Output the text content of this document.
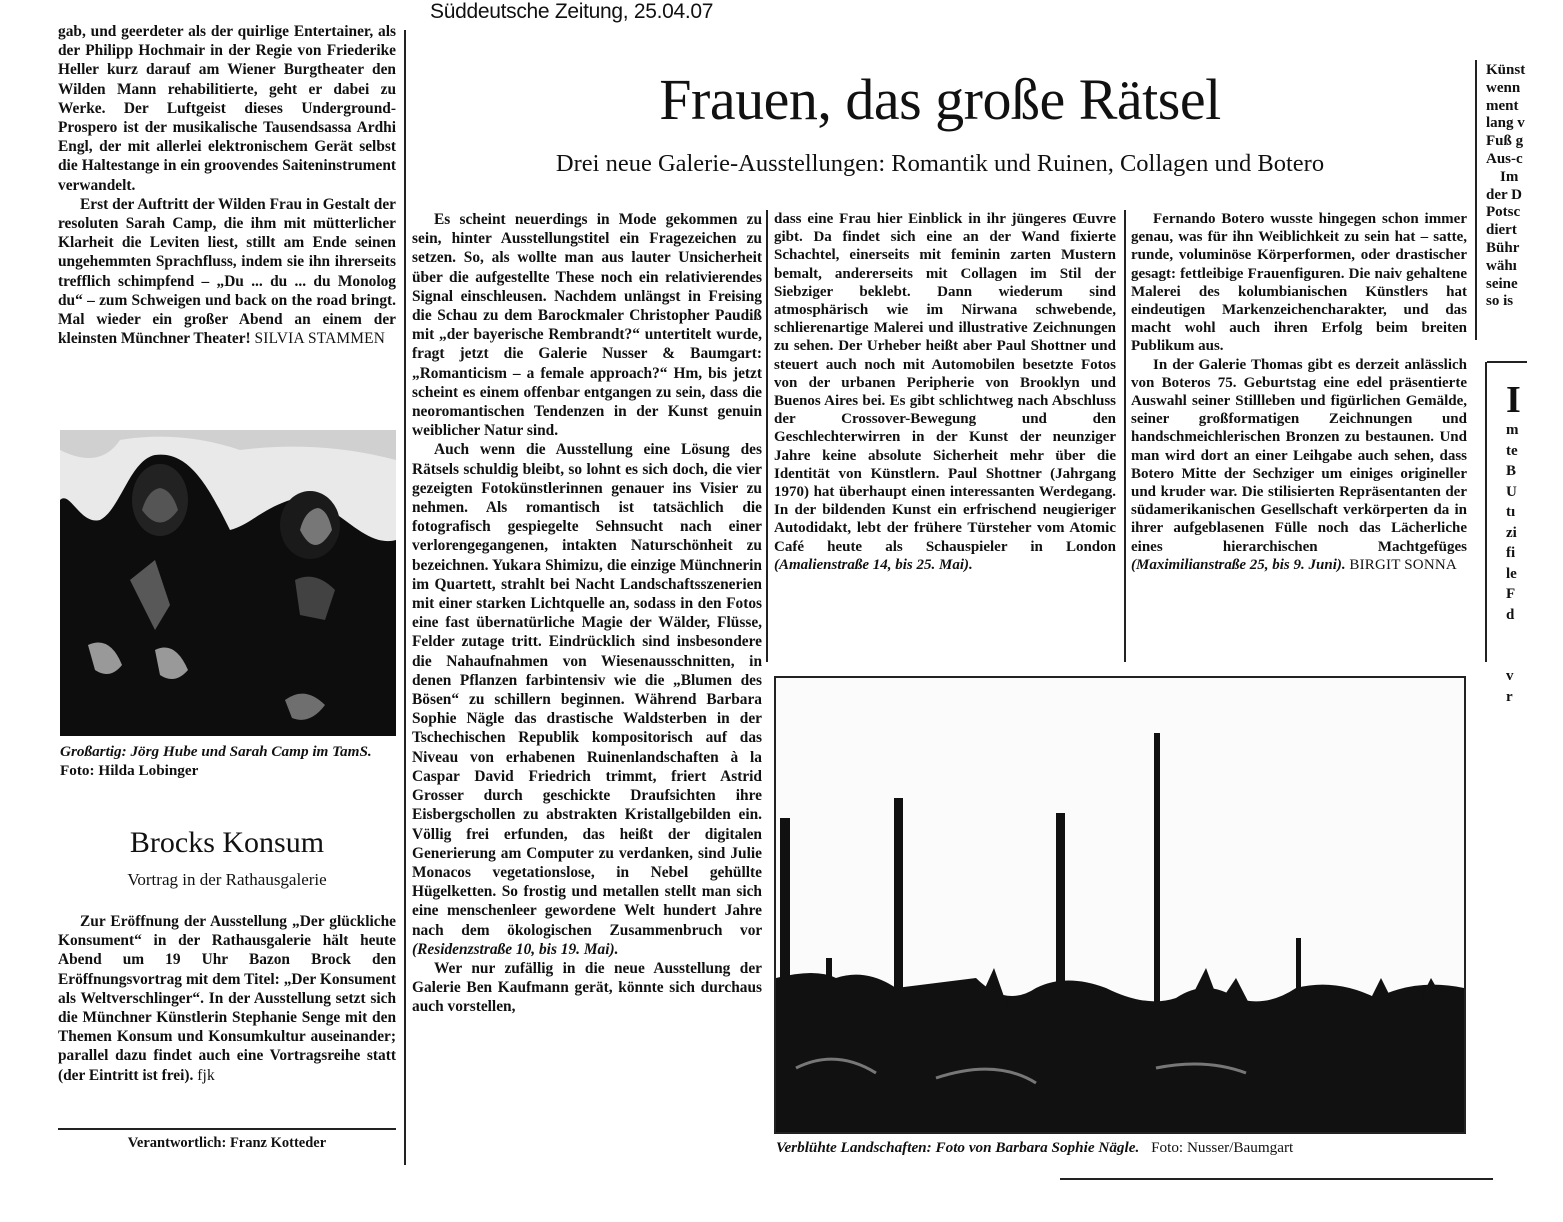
Süddeutsche Zeitung, 25.04.07

gab, und geerdeter als der quirlige Entertainer, als der Philipp Hochmair in der Regie von Friederike Heller kurz darauf am Wiener Burgtheater den Wilden Mann rehabilitierte, geht er dabei zu Werke. Der Luftgeist dieses Underground-Prospero ist der musikalische Tausendsassa Ardhi Engl, der mit allerlei elektronischem Gerät selbst die Haltestange in ein groovendes Saiteninstrument verwandelt.

Erst der Auftritt der Wilden Frau in Gestalt der resoluten Sarah Camp, die ihm mit mütterlicher Klarheit die Leviten liest, stillt am Ende seinen ungehemmten Sprachfluss, indem sie ihn ihrerseits trefflich schimpfend – „Du ... du ... du Monolog du“ – zum Schweigen und back on the road bringt. Mal wieder ein großer Abend an einem der kleinsten Münchner Theater! SILVIA STAMMEN

Großartig: Jörg Hube und Sarah Camp im TamS. Foto: Hilda Lobinger
Brocks Konsum
Vortrag in der Rathausgalerie

Zur Eröffnung der Ausstellung „Der glückliche Konsument“ in der Rathausgalerie hält heute Abend um 19 Uhr Bazon Brock den Eröffnungsvortrag mit dem Titel: „Der Konsument als Weltverschlinger“. In der Ausstellung setzt sich die Münchner Künstlerin Stephanie Senge mit den Themen Konsum und Konsumkultur auseinander; parallel dazu findet auch eine Vortragsreihe statt (der Eintritt ist frei). fjk

Verantwortlich: Franz Kotteder
Frauen, das große Rätsel
Drei neue Galerie-Ausstellungen: Romantik und Ruinen, Collagen und Botero

Es scheint neuerdings in Mode gekommen zu sein, hinter Ausstellungstitel ein Fragezeichen zu setzen. So, als wollte man aus lauter Unsicherheit über die aufgestellte These noch ein relativierendes Signal einschleusen. Nachdem unlängst in Freising die Schau zu dem Barockmaler Christopher Paudiß mit „der bayerische Rembrandt?“ untertitelt wurde, fragt jetzt die Galerie Nusser & Baumgart: „Romanticism – a female approach?“ Hm, bis jetzt scheint es einem offenbar entgangen zu sein, dass die neoromantischen Tendenzen in der Kunst genuin weiblicher Natur sind.

Auch wenn die Ausstellung eine Lösung des Rätsels schuldig bleibt, so lohnt es sich doch, die vier gezeigten Fotokünstlerinnen genauer ins Visier zu nehmen. Als romantisch ist tatsächlich die fotografisch gespiegelte Sehnsucht nach einer verlorengegangenen, intakten Naturschönheit zu bezeichnen. Yukara Shimizu, die einzige Münchnerin im Quartett, strahlt bei Nacht Landschaftsszenerien mit einer starken Lichtquelle an, sodass in den Fotos eine fast übernatürliche Magie der Wälder, Flüsse, Felder zutage tritt. Eindrücklich sind insbesondere die Nahaufnahmen von Wiesenausschnitten, in denen Pflanzen farbintensiv wie die „Blumen des Bösen“ zu schillern beginnen. Während Barbara Sophie Nägle das drastische Waldsterben in der Tschechischen Republik kompositorisch auf das Niveau von erhabenen Ruinenlandschaften à la Caspar David Friedrich trimmt, friert Astrid Grosser durch geschickte Draufsichten ihre Eisbergschollen zu abstrakten Kristallgebilden ein. Völlig frei erfunden, das heißt der digitalen Generierung am Computer zu verdanken, sind Julie Monacos vegetationslose, in Nebel gehüllte Hügelketten. So frostig und metallen stellt man sich eine menschenleer gewordene Welt hundert Jahre nach dem ökologischen Zusammenbruch vor (Residenzstraße 10, bis 19. Mai).

Wer nur zufällig in die neue Ausstellung der Galerie Ben Kaufmann gerät, könnte sich durchaus auch vorstellen,

dass eine Frau hier Einblick in ihr jüngeres Œuvre gibt. Da findet sich eine an der Wand fixierte Schachtel, einerseits mit feminin zarten Mustern bemalt, andererseits mit Collagen im Stil der Siebziger beklebt. Dann wiederum sind atmosphärisch wie im Nirwana schwebende, schlierenartige Malerei und illustrative Zeichnungen zu sehen. Der Urheber heißt aber Paul Shottner und steuert auch noch mit Automobilen besetzte Fotos von der urbanen Peripherie von Brooklyn und Buenos Aires bei. Es gibt schlichtweg nach Abschluss der Crossover-Bewegung und den Geschlechterwirren in der Kunst der neunziger Jahre keine absolute Sicherheit mehr über die Identität von Künstlern. Paul Shottner (Jahrgang 1970) hat überhaupt einen interessanten Werdegang. In der bildenden Kunst ein erfrischend neugieriger Autodidakt, lebt der frühere Türsteher vom Atomic Café heute als Schauspieler in London (Amalienstraße 14, bis 25. Mai).

Fernando Botero wusste hingegen schon immer genau, was für ihn Weiblichkeit zu sein hat – satte, runde, voluminöse Körperformen, oder drastischer gesagt: fettleibige Frauenfiguren. Die naiv gehaltene Malerei des kolumbianischen Künstlers hat eindeutigen Markenzeichencharakter, und das macht wohl auch ihren Erfolg beim breiten Publikum aus.

In der Galerie Thomas gibt es derzeit anlässlich von Boteros 75. Geburtstag eine edel präsentierte Auswahl seiner Stillleben und figürlichen Gemälde, seiner großformatigen Zeichnungen und handschmeichlerischen Bronzen zu bestaunen. Und man wird dort an einer Leihgabe auch sehen, dass Botero Mitte der Sechziger um einiges origineller und kruder war. Die stilisierten Repräsentanten der südamerikanischen Gesellschaft verkörperten da in ihrer aufgeblasenen Fülle noch das Lächerliche eines hierarchischen Machtgefüges (Maximilianstraße 25, bis 9. Juni). BIRGIT SONNA

Verblühte Landschaften: Foto von Barbara Sophie Nägle. Foto: Nusser/Baumgart
Künst
wenn
ment
lang v
Fuß g
Aus-c
Im
der D
Potsc
diert
Bühr
wähı
seine
so is
I
m
te
B
U
tı
zi
fi
le
F
d

v
r
